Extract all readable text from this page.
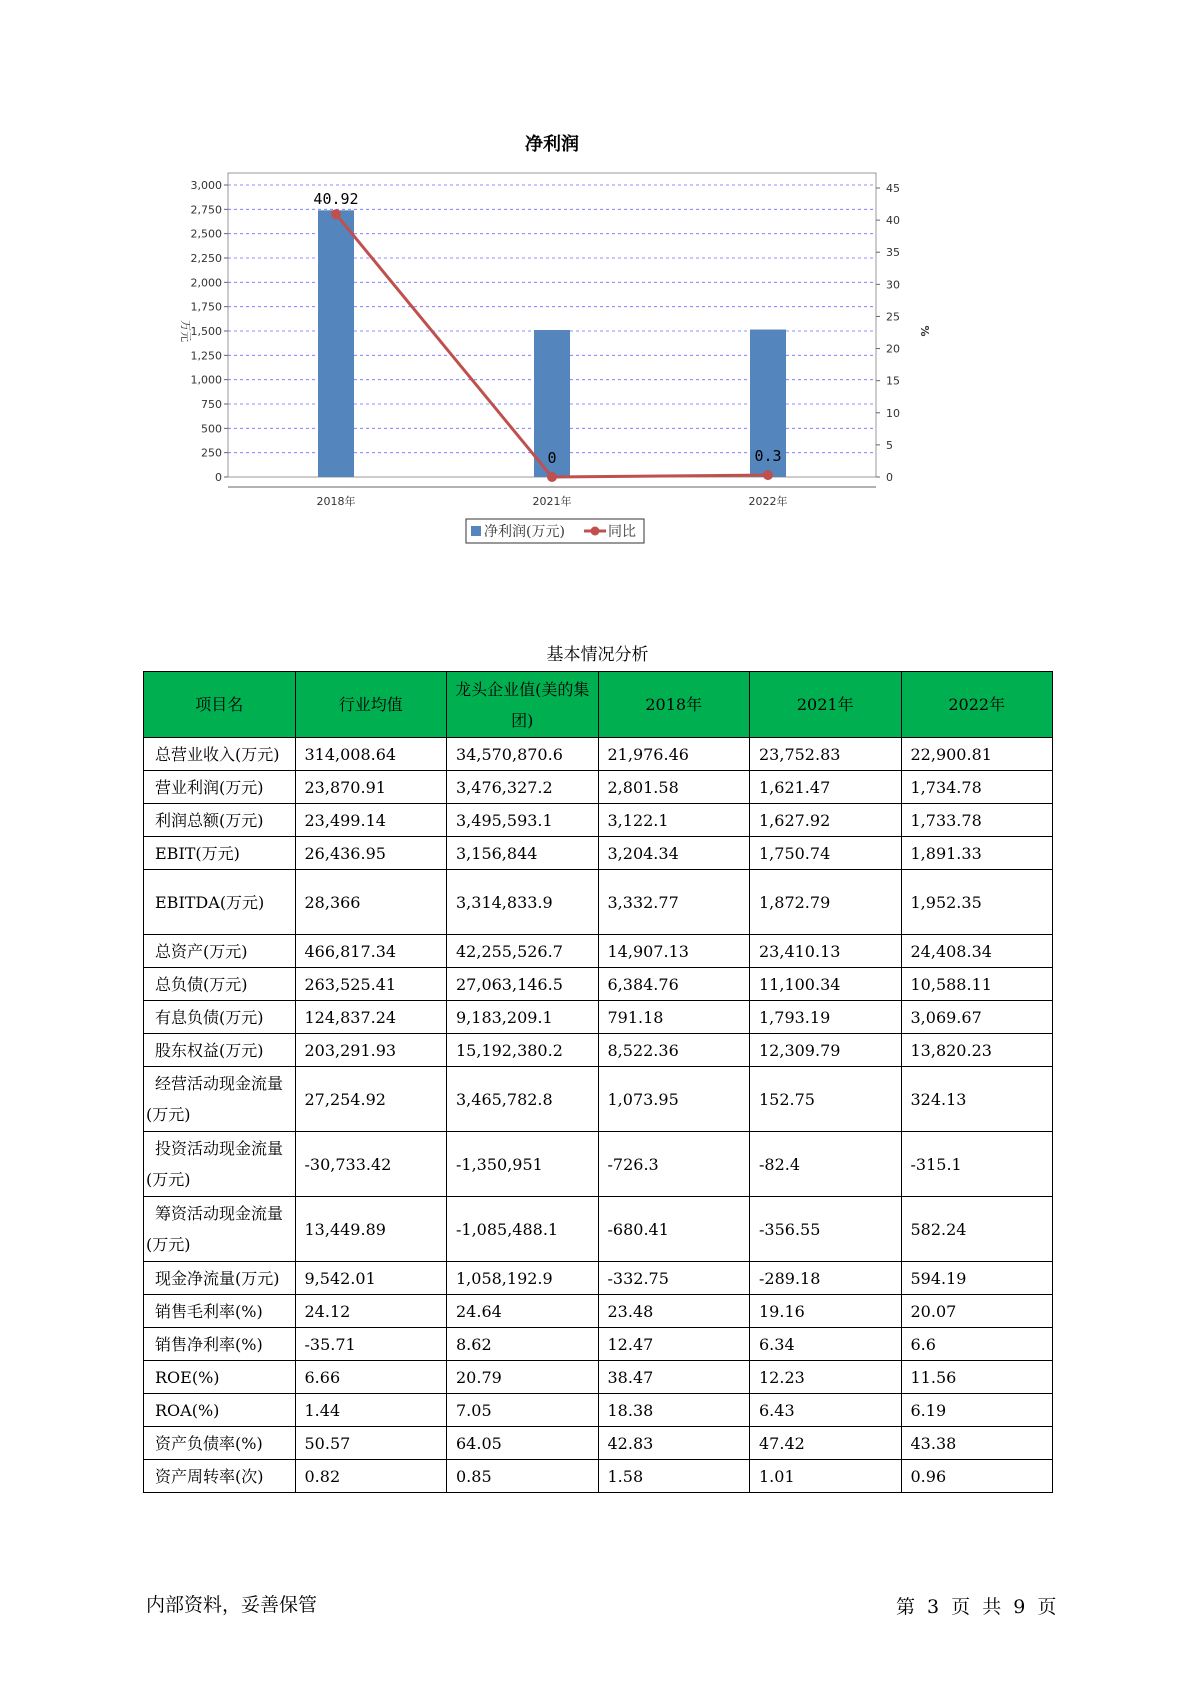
净利润
0
250
500
750
1,000
1,250
1,500
1,750
2,000
2,250
2,500
2,750
3,000
0
5
10
15
20
25
30
35
40
45
万元	%
2018年	2021年	2022年
40.92
0	0.3
净利润(万元)	同比
基本情况分析
项目名	行业均值	龙头企业值(美的集团)	2018年	2021年	2022年
总营业收入(万元)	314,008.64	34,570,870.6	21,976.46	23,752.83	22,900.81
营业利润(万元)	23,870.91	3,476,327.2	2,801.58	1,621.47	1,734.78
利润总额(万元)	23,499.14	3,495,593.1	3,122.1	1,627.92	1,733.78
EBIT(万元)	26,436.95	3,156,844	3,204.34	1,750.74	1,891.33
EBITDA(万元)	28,366	3,314,833.9	3,332.77	1,872.79	1,952.35
总资产(万元)	466,817.34	42,255,526.7	14,907.13	23,410.13	24,408.34
总负债(万元)	263,525.41	27,063,146.5	6,384.76	11,100.34	10,588.11
有息负债(万元)	124,837.24	9,183,209.1	791.18	1,793.19	3,069.67
股东权益(万元)	203,291.93	15,192,380.2	8,522.36	12,309.79	13,820.23
经营活动现金流量(万元)	27,254.92	3,465,782.8	1,073.95	152.75	324.13
投资活动现金流量(万元)	-30,733.42	-1,350,951	-726.3	-82.4	-315.1
筹资活动现金流量(万元)	13,449.89	-1,085,488.1	-680.41	-356.55	582.24
现金净流量(万元)	9,542.01	1,058,192.9	-332.75	-289.18	594.19
销售毛利率(%)	24.12	24.64	23.48	19.16	20.07
销售净利率(%)	-35.71	8.62	12.47	6.34	6.6
ROE(%)	6.66	20.79	38.47	12.23	11.56
ROA(%)	1.44	7.05	18.38	6.43	6.19
资产负债率(%)	50.57	64.05	42.83	47.42	43.38
资产周转率(次)	0.82	0.85	1.58	1.01	0.96
内部资料，妥善保管	第 3 页 共 9 页
